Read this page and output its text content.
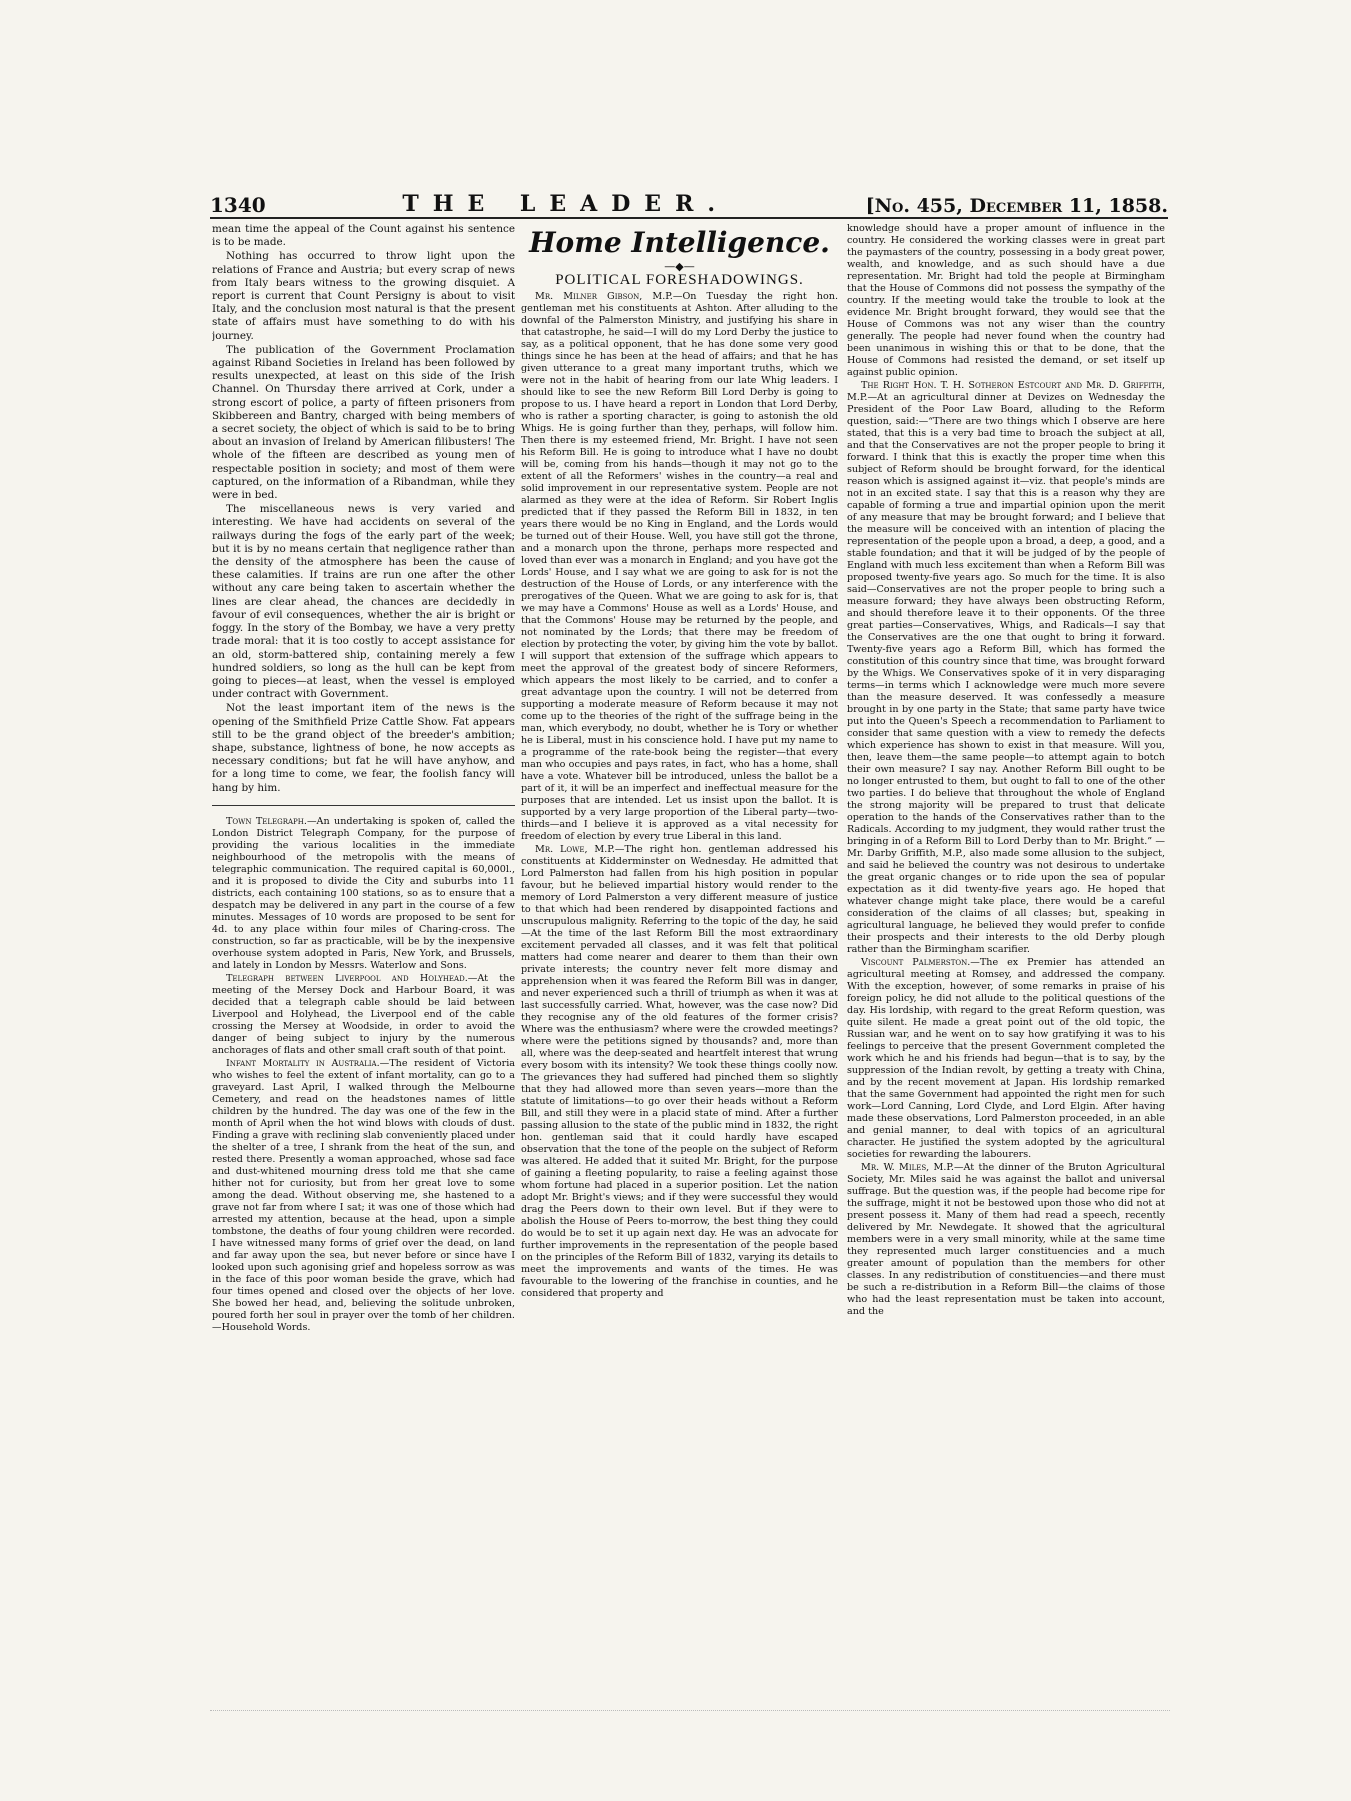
1340	THE LEADER.	[No. 455, December 11, 1858.

mean time the appeal of the Count against his sentence is to be made.

Nothing has occurred to throw light upon the relations of France and Austria; but every scrap of news from Italy bears witness to the growing disquiet. A report is current that Count Persigny is about to visit Italy, and the conclusion most natural is that the present state of affairs must have something to do with his journey.

The publication of the Government Proclamation against Riband Societies in Ireland has been followed by results unexpected, at least on this side of the Irish Channel. On Thursday there arrived at Cork, under a strong escort of police, a party of fifteen prisoners from Skibbereen and Bantry, charged with being members of a secret society, the object of which is said to be to bring about an invasion of Ireland by American filibusters! The whole of the fifteen are described as young men of respectable position in society; and most of them were captured, on the information of a Ribandman, while they were in bed.

The miscellaneous news is very varied and interesting. We have had accidents on several of the railways during the fogs of the early part of the week; but it is by no means certain that negligence rather than the density of the atmosphere has been the cause of these calamities. If trains are run one after the other without any care being taken to ascertain whether the lines are clear ahead, the chances are decidedly in favour of evil consequences, whether the air is bright or foggy. In the story of the Bombay, we have a very pretty trade moral: that it is too costly to accept assistance for an old, storm-battered ship, containing merely a few hundred soldiers, so long as the hull can be kept from going to pieces—at least, when the vessel is employed under contract with Government.

Not the least important item of the news is the opening of the Smithfield Prize Cattle Show. Fat appears still to be the grand object of the breeder's ambition; shape, substance, lightness of bone, he now accepts as necessary conditions; but fat he will have anyhow, and for a long time to come, we fear, the foolish fancy will hang by him.

Town Telegraph.—An undertaking is spoken of, called the London District Telegraph Company, for the purpose of providing the various localities in the immediate neighbourhood of the metropolis with the means of telegraphic communication. The required capital is 60,000l., and it is proposed to divide the City and suburbs into 11 districts, each containing 100 stations, so as to ensure that a despatch may be delivered in any part in the course of a few minutes. Messages of 10 words are proposed to be sent for 4d. to any place within four miles of Charing-cross. The construction, so far as practicable, will be by the inexpensive overhouse system adopted in Paris, New York, and Brussels, and lately in London by Messrs. Waterlow and Sons.

Telegraph between Liverpool and Holyhead.—At the meeting of the Mersey Dock and Harbour Board, it was decided that a telegraph cable should be laid between Liverpool and Holyhead, the Liverpool end of the cable crossing the Mersey at Woodside, in order to avoid the danger of being subject to injury by the numerous anchorages of flats and other small craft south of that point.

Infant Mortality in Australia.—The resident of Victoria who wishes to feel the extent of infant mortality, can go to a graveyard. Last April, I walked through the Melbourne Cemetery, and read on the headstones names of little children by the hundred. The day was one of the few in the month of April when the hot wind blows with clouds of dust. Finding a grave with reclining slab conveniently placed under the shelter of a tree, I shrank from the heat of the sun, and rested there. Presently a woman approached, whose sad face and dust-whitened mourning dress told me that she came hither not for curiosity, but from her great love to some among the dead. Without observing me, she hastened to a grave not far from where I sat; it was one of those which had arrested my attention, because at the head, upon a simple tombstone, the deaths of four young children were recorded. I have witnessed many forms of grief over the dead, on land and far away upon the sea, but never before or since have I looked upon such agonising grief and hopeless sorrow as was in the face of this poor woman beside the grave, which had four times opened and closed over the objects of her love. She bowed her head, and, believing the solitude unbroken, poured forth her soul in prayer over the tomb of her children.—Household Words.

Home Intelligence.
—◆—
POLITICAL FORESHADOWINGS.

Mr. Milner Gibson, M.P.—On Tuesday the right hon. gentleman met his constituents at Ashton. After alluding to the downfal of the Palmerston Ministry, and justifying his share in that catastrophe, he said—I will do my Lord Derby the justice to say, as a political opponent, that he has done some very good things since he has been at the head of affairs; and that he has given utterance to a great many important truths, which we were not in the habit of hearing from our late Whig leaders. I should like to see the new Reform Bill Lord Derby is going to propose to us. I have heard a report in London that Lord Derby, who is rather a sporting character, is going to astonish the old Whigs. He is going further than they, perhaps, will follow him. Then there is my esteemed friend, Mr. Bright. I have not seen his Reform Bill. He is going to introduce what I have no doubt will be, coming from his hands—though it may not go to the extent of all the Reformers' wishes in the country—a real and solid improvement in our representative system. People are not alarmed as they were at the idea of Reform. Sir Robert Inglis predicted that if they passed the Reform Bill in 1832, in ten years there would be no King in England, and the Lords would be turned out of their House. Well, you have still got the throne, and a monarch upon the throne, perhaps more respected and loved than ever was a monarch in England; and you have got the Lords' House, and I say what we are going to ask for is not the destruction of the House of Lords, or any interference with the prerogatives of the Queen. What we are going to ask for is, that we may have a Commons' House as well as a Lords' House, and that the Commons' House may be returned by the people, and not nominated by the Lords; that there may be freedom of election by protecting the voter, by giving him the vote by ballot. I will support that extension of the suffrage which appears to meet the approval of the greatest body of sincere Reformers, which appears the most likely to be carried, and to confer a great advantage upon the country. I will not be deterred from supporting a moderate measure of Reform because it may not come up to the theories of the right of the suffrage being in the man, which everybody, no doubt, whether he is Tory or whether he is Liberal, must in his conscience hold. I have put my name to a programme of the rate-book being the register—that every man who occupies and pays rates, in fact, who has a home, shall have a vote. Whatever bill be introduced, unless the ballot be a part of it, it will be an imperfect and ineffectual measure for the purposes that are intended. Let us insist upon the ballot. It is supported by a very large proportion of the Liberal party—two-thirds—and I believe it is approved as a vital necessity for freedom of election by every true Liberal in this land.

Mr. Lowe, M.P.—The right hon. gentleman addressed his constituents at Kidderminster on Wednesday. He admitted that Lord Palmerston had fallen from his high position in popular favour, but he believed impartial history would render to the memory of Lord Palmerston a very different measure of justice to that which had been rendered by disappointed factions and unscrupulous malignity. Referring to the topic of the day, he said—At the time of the last Reform Bill the most extraordinary excitement pervaded all classes, and it was felt that political matters had come nearer and dearer to them than their own private interests; the country never felt more dismay and apprehension when it was feared the Reform Bill was in danger, and never experienced such a thrill of triumph as when it was at last successfully carried. What, however, was the case now? Did they recognise any of the old features of the former crisis? Where was the enthusiasm? where were the crowded meetings? where were the petitions signed by thousands? and, more than all, where was the deep-seated and heartfelt interest that wrung every bosom with its intensity? We took these things coolly now. The grievances they had suffered had pinched them so slightly that they had allowed more than seven years—more than the statute of limitations—to go over their heads without a Reform Bill, and still they were in a placid state of mind. After a further passing allusion to the state of the public mind in 1832, the right hon. gentleman said that it could hardly have escaped observation that the tone of the people on the subject of Reform was altered. He added that it suited Mr. Bright, for the purpose of gaining a fleeting popularity, to raise a feeling against those whom fortune had placed in a superior position. Let the nation adopt Mr. Bright's views; and if they were successful they would drag the Peers down to their own level. But if they were to abolish the House of Peers to-morrow, the best thing they could do would be to set it up again next day. He was an advocate for further improvements in the representation of the people based on the principles of the Reform Bill of 1832, varying its details to meet the improvements and wants of the times. He was favourable to the lowering of the franchise in counties, and he considered that property and

knowledge should have a proper amount of influence in the country. He considered the working classes were in great part the paymasters of the country, possessing in a body great power, wealth, and knowledge, and as such should have a due representation. Mr. Bright had told the people at Birmingham that the House of Commons did not possess the sympathy of the country. If the meeting would take the trouble to look at the evidence Mr. Bright brought forward, they would see that the House of Commons was not any wiser than the country generally. The people had never found when the country had been unanimous in wishing this or that to be done, that the House of Commons had resisted the demand, or set itself up against public opinion.

The Right Hon. T. H. Sotheron Estcourt and Mr. D. Griffith, M.P.—At an agricultural dinner at Devizes on Wednesday the President of the Poor Law Board, alluding to the Reform question, said:—“There are two things which I observe are here stated, that this is a very bad time to broach the subject at all, and that the Conservatives are not the proper people to bring it forward. I think that this is exactly the proper time when this subject of Reform should be brought forward, for the identical reason which is assigned against it—viz. that people's minds are not in an excited state. I say that this is a reason why they are capable of forming a true and impartial opinion upon the merit of any measure that may be brought forward; and I believe that the measure will be conceived with an intention of placing the representation of the people upon a broad, a deep, a good, and a stable foundation; and that it will be judged of by the people of England with much less excitement than when a Reform Bill was proposed twenty-five years ago. So much for the time. It is also said—Conservatives are not the proper people to bring such a measure forward; they have always been obstructing Reform, and should therefore leave it to their opponents. Of the three great parties—Conservatives, Whigs, and Radicals—I say that the Conservatives are the one that ought to bring it forward. Twenty-five years ago a Reform Bill, which has formed the constitution of this country since that time, was brought forward by the Whigs. We Conservatives spoke of it in very disparaging terms—in terms which I acknowledge were much more severe than the measure deserved. It was confessedly a measure brought in by one party in the State; that same party have twice put into the Queen's Speech a recommendation to Parliament to consider that same question with a view to remedy the defects which experience has shown to exist in that measure. Will you, then, leave them—the same people—to attempt again to botch their own measure? I say nay. Another Reform Bill ought to be no longer entrusted to them, but ought to fall to one of the other two parties. I do believe that throughout the whole of England the strong majority will be prepared to trust that delicate operation to the hands of the Conservatives rather than to the Radicals. According to my judgment, they would rather trust the bringing in of a Reform Bill to Lord Derby than to Mr. Bright.” —Mr. Darby Griffith, M.P., also made some allusion to the subject, and said he believed the country was not desirous to undertake the great organic changes or to ride upon the sea of popular expectation as it did twenty-five years ago. He hoped that whatever change might take place, there would be a careful consideration of the claims of all classes; but, speaking in agricultural language, he believed they would prefer to confide their prospects and their interests to the old Derby plough rather than the Birmingham scarifier.

Viscount Palmerston.—The ex Premier has attended an agricultural meeting at Romsey, and addressed the company. With the exception, however, of some remarks in praise of his foreign policy, he did not allude to the political questions of the day. His lordship, with regard to the great Reform question, was quite silent. He made a great point out of the old topic, the Russian war, and he went on to say how gratifying it was to his feelings to perceive that the present Government completed the work which he and his friends had begun—that is to say, by the suppression of the Indian revolt, by getting a treaty with China, and by the recent movement at Japan. His lordship remarked that the same Government had appointed the right men for such work—Lord Canning, Lord Clyde, and Lord Elgin. After having made these observations, Lord Palmerston proceeded, in an able and genial manner, to deal with topics of an agricultural character. He justified the system adopted by the agricultural societies for rewarding the labourers.

Mr. W. Miles, M.P.—At the dinner of the Bruton Agricultural Society, Mr. Miles said he was against the ballot and universal suffrage. But the question was, if the people had become ripe for the suffrage, might it not be bestowed upon those who did not at present possess it. Many of them had read a speech, recently delivered by Mr. Newdegate. It showed that the agricultural members were in a very small minority, while at the same time they represented much larger constituencies and a much greater amount of population than the members for other classes. In any redistribution of constituencies—and there must be such a re-distribution in a Reform Bill—the claims of those who had the least representation must be taken into account, and the
